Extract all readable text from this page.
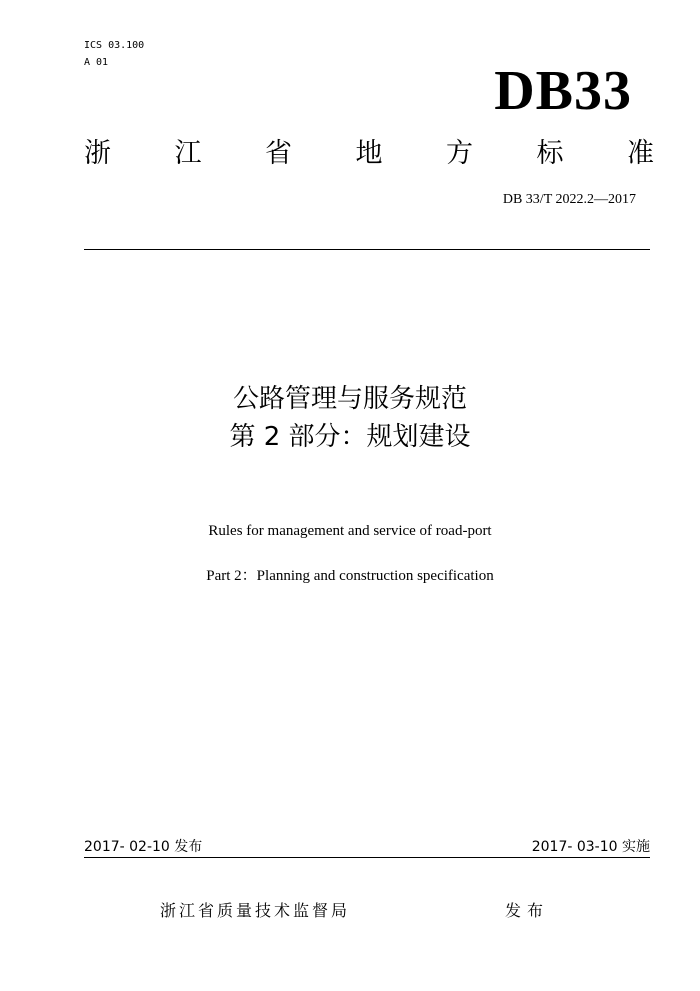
ICS 03.100
A 01	DB33
浙 江 省 地 方 标 准
DB 33/T 2022.2—2017
公路管理与服务规范
第 2 部分：规划建设
Rules for management and service of road-port
Part 2：Planning and construction specification
2017- 02-10 发布	2017- 03-10 实施
浙江省质量技术监督局	发布
